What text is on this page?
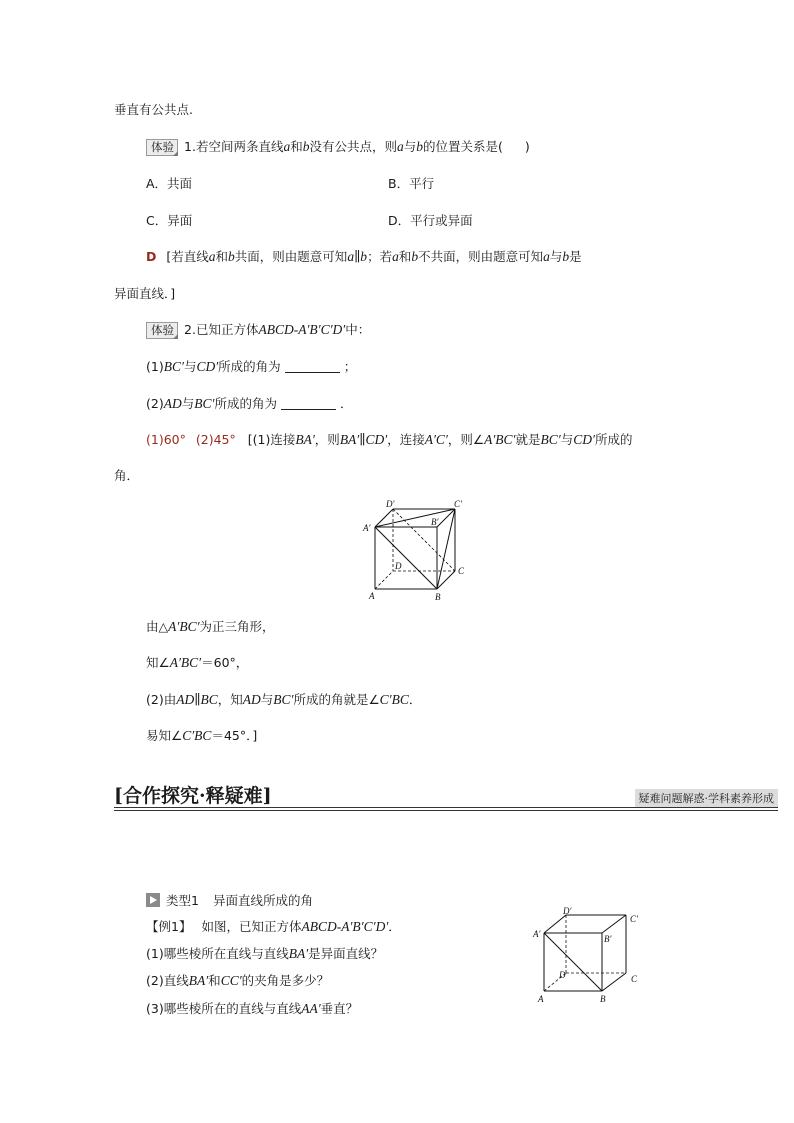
垂直有公共点.
体验 1.若空间两条直线a和b没有公共点，则a与b的位置关系是( )
A．共面	B．平行
C．异面	D．平行或异面
D [若直线a和b共面，则由题意可知a∥b；若a和b不共面，则由题意可知a与b是
异面直线．]
体验 2.已知正方体ABCD-A′B′C′D′中：
(1)BC′与CD′所成的角为	；
(2)AD与BC′所成的角为	．
(1)60° (2)45° [(1)连接BA′，则BA′∥CD′，连接A′C′，则∠A′BC′就是BC′与CD′所成的
角．
D′	C′
A′
B′
D	C
A	B
由△A′BC′为正三角形，
知∠A′BC′＝60°，
(2)由AD∥BC，知AD与BC′所成的角就是∠C′BC．
易知∠C′BC＝45°．]
[合作探究·释疑难]	疑难问题解惑·学科素养形成
类型1 异面直线所成的角
【例1】 如图，已知正方体ABCD-A′B′C′D′．
(1)哪些棱所在直线与直线BA′是异面直线？
(2)直线BA′和CC′的夹角是多少？
(3)哪些棱所在的直线与直线AA′垂直？
D′
C′
A′	B′
D	C
A	B
